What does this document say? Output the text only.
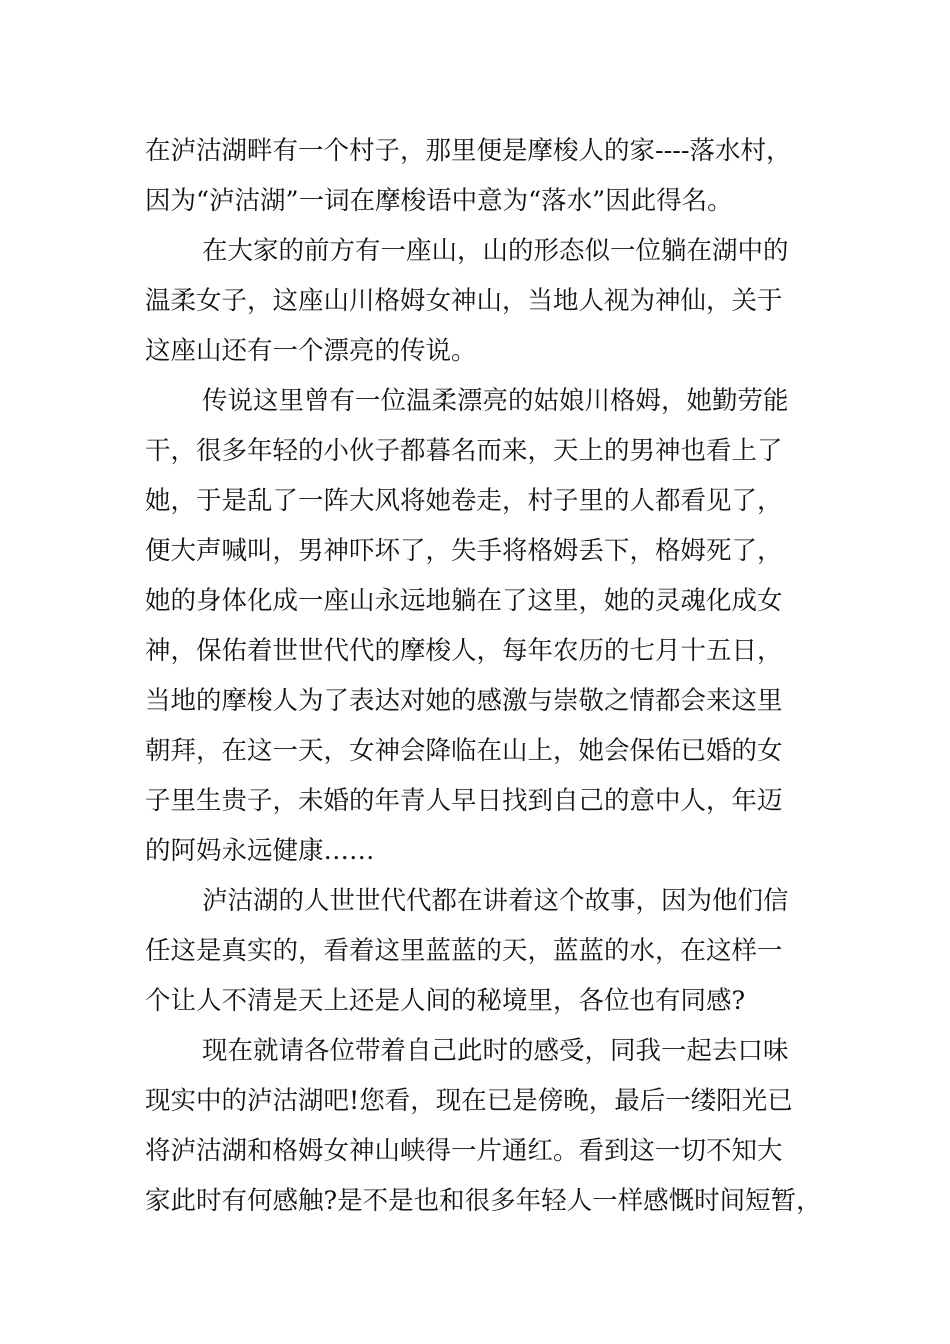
在泸沽湖畔有一个村子，那里便是摩梭人的家----落水村，
因为“泸沽湖”一词在摩梭语中意为“落水”因此得名。
在大家的前方有一座山，山的形态似一位躺在湖中的
温柔女子，这座山川格姆女神山，当地人视为神仙，关于
这座山还有一个漂亮的传说。
传说这里曾有一位温柔漂亮的姑娘川格姆，她勤劳能
干，很多年轻的小伙子都暮名而来，天上的男神也看上了
她，于是乱了一阵大风将她卷走，村子里的人都看见了，
便大声喊叫，男神吓坏了，失手将格姆丢下，格姆死了，
她的身体化成一座山永远地躺在了这里，她的灵魂化成女
神，保佑着世世代代的摩梭人，每年农历的七月十五日，
当地的摩梭人为了表达对她的感激与崇敬之情都会来这里
朝拜，在这一天，女神会降临在山上，她会保佑已婚的女
子里生贵子，未婚的年青人早日找到自己的意中人，年迈
的阿妈永远健康……
泸沽湖的人世世代代都在讲着这个故事，因为他们信
任这是真实的，看着这里蓝蓝的天，蓝蓝的水，在这样一
个让人不清是天上还是人间的秘境里，各位也有同感?
现在就请各位带着自己此时的感受，同我一起去口味
现实中的泸沽湖吧!您看，现在已是傍晚，最后一缕阳光已
将泸沽湖和格姆女神山峡得一片通红。看到这一切不知大
家此时有何感触?是不是也和很多年轻人一样感慨时间短暂，
